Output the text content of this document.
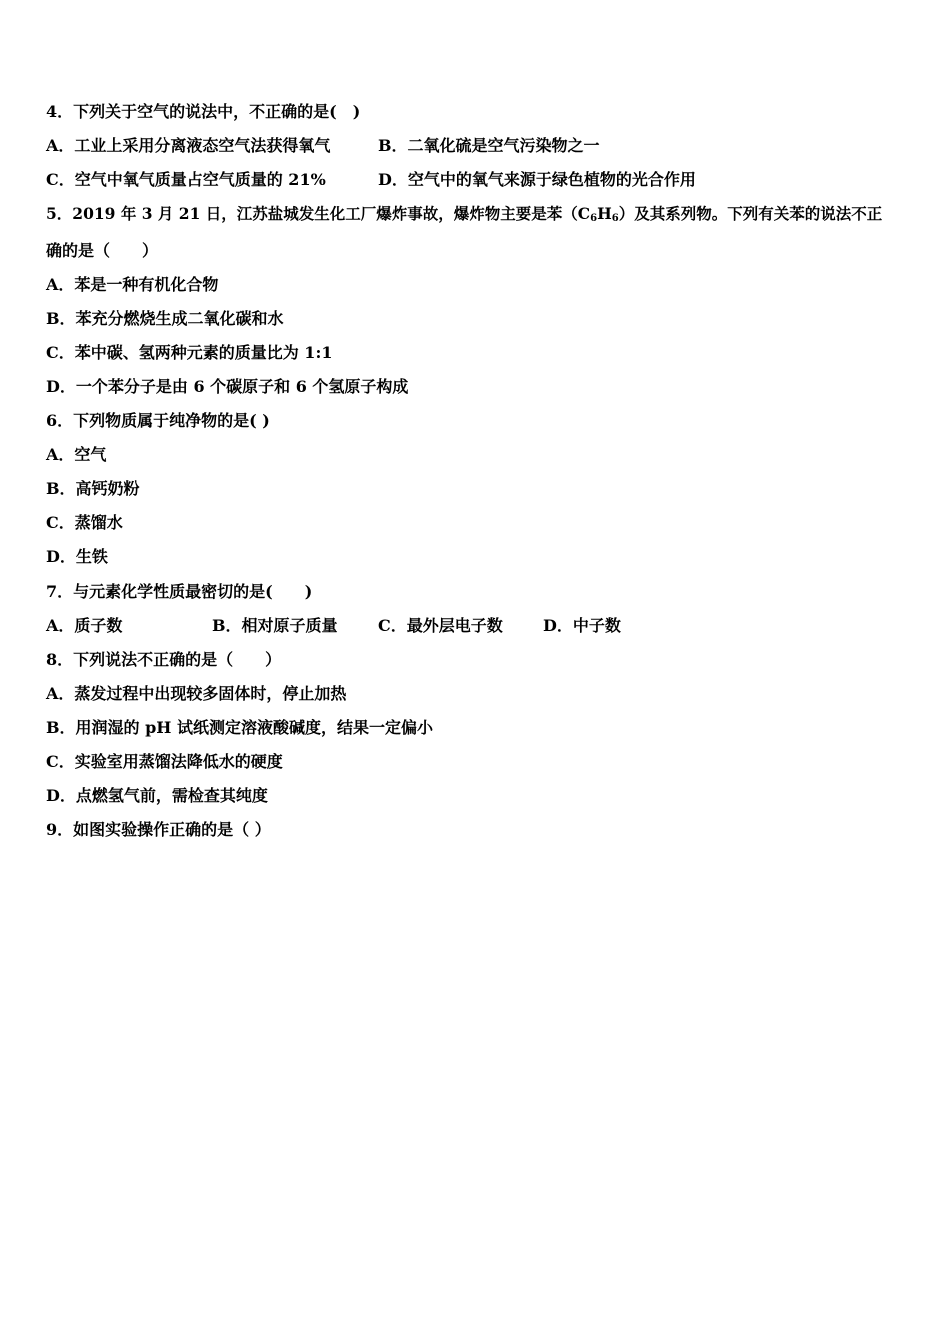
4．下列关于空气的说法中，不正确的是(　)
A．工业上采用分离液态空气法获得氧气	B．二氧化硫是空气污染物之一
C．空气中氧气质量占空气质量的 21%	D．空气中的氧气来源于绿色植物的光合作用
5．2019 年 3 月 21 日，江苏盐城发生化工厂爆炸事故，爆炸物主要是苯$(C_6H_6)$及其系列物。下列有关苯的说法不正
确的是（　　）
A．苯是一种有机化合物
B．苯充分燃烧生成二氧化碳和水
C．苯中碳、氢两种元素的质量比为 1:1
D．一个苯分子是由 6 个碳原子和 6 个氢原子构成
6．下列物质属于纯净物的是( )
A．空气
B．高钙奶粉
C．蒸馏水
D．生铁
7．与元素化学性质最密切的是(　　)
A．质子数	B．相对原子质量	C．最外层电子数	D．中子数
8．下列说法不正确的是（　　）
A．蒸发过程中出现较多固体时，停止加热
B．用润湿的 pH 试纸测定溶液酸碱度，结果一定偏小
C．实验室用蒸馏法降低水的硬度
D．点燃氢气前，需检查其纯度
9．如图实验操作正确的是（ ）
